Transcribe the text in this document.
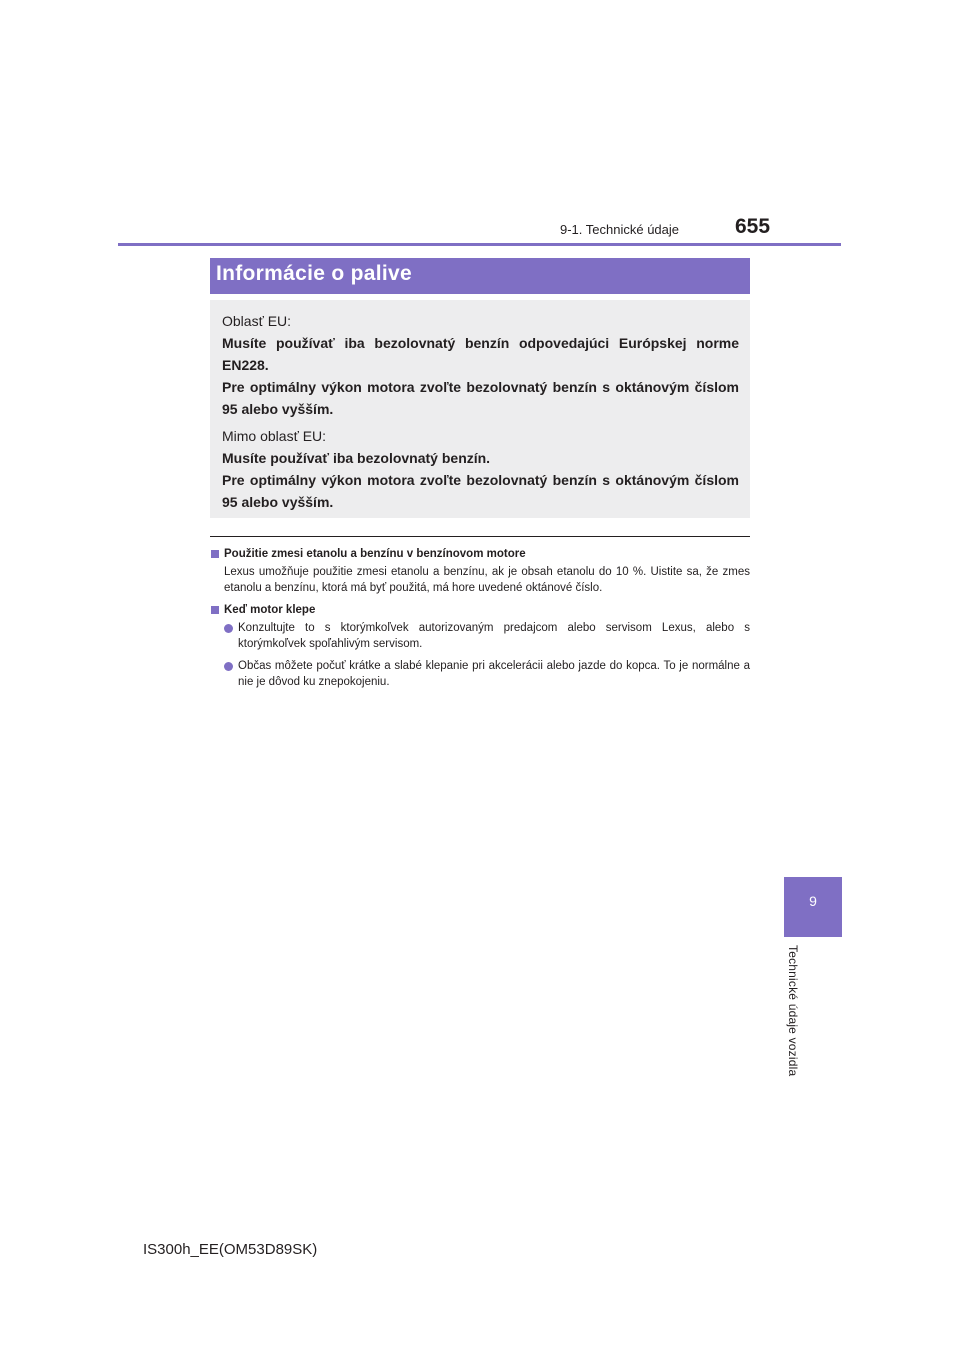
9-1. Technické údaje	655
Informácie o palive

Oblasť EU:

Musíte používať iba bezolovnatý benzín odpovedajúci Európskej norme EN228.

Pre optimálny výkon motora zvoľte bezolovnatý benzín s oktánovým číslom 95 alebo vyšším.

Mimo oblasť EU:

Musíte používať iba bezolovnatý benzín.

Pre optimálny výkon motora zvoľte bezolovnatý benzín s oktánovým číslom 95 alebo vyšším.

Použitie zmesi etanolu a benzínu v benzínovom motore
Lexus umožňuje použitie zmesi etanolu a benzínu, ak je obsah etanolu do 10 %. Uistite sa, že zmes etanolu a benzínu, ktorá má byť použitá, má hore uvedené oktánové číslo.
Keď motor klepe
Konzultujte to s ktorýmkoľvek autorizovaným predajcom alebo servisom Lexus, alebo s ktorýmkoľvek spoľahlivým servisom.
Občas môžete počuť krátke a slabé klepanie pri akcelerácii alebo jazde do kopca. To je normálne a nie je dôvod ku znepokojeniu.
9
Technické údaje vozidla
IS300h_EE(OM53D89SK)
